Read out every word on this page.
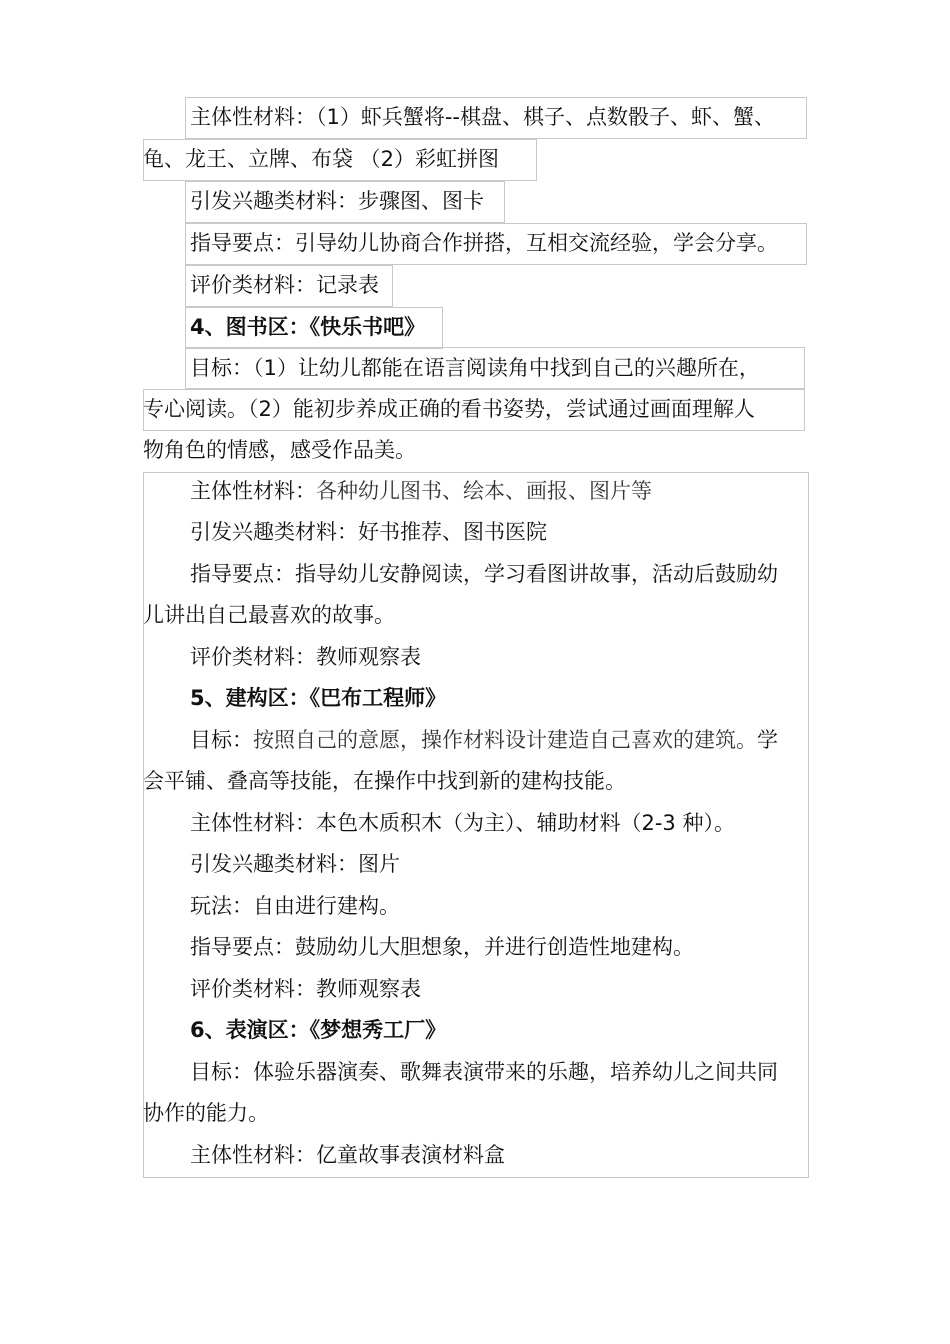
主体性材料：（1）虾兵蟹将--棋盘、棋子、点数骰子、虾、蟹、
龟、龙王、立牌、布袋 （2）彩虹拼图
引发兴趣类材料：步骤图、图卡
指导要点：引导幼儿协商合作拼搭，互相交流经验，学会分享。
评价类材料：记录表
4、图书区：《快乐书吧》
目标：（1）让幼儿都能在语言阅读角中找到自己的兴趣所在，
专心阅读。（2）能初步养成正确的看书姿势，尝试通过画面理解人
物角色的情感，感受作品美。
主体性材料：各种幼儿图书、绘本、画报、图片等
引发兴趣类材料：好书推荐、图书医院
指导要点：指导幼儿安静阅读，学习看图讲故事，活动后鼓励幼
儿讲出自己最喜欢的故事。
评价类材料：教师观察表
5、建构区：《巴布工程师》
目标：按照自己的意愿，操作材料设计建造自己喜欢的建筑。学
会平铺、叠高等技能，在操作中找到新的建构技能。
主体性材料：本色木质积木（为主）、辅助材料（2-3 种）。
引发兴趣类材料：图片
玩法：自由进行建构。
指导要点：鼓励幼儿大胆想象，并进行创造性地建构。
评价类材料：教师观察表
6、表演区：《梦想秀工厂》
目标：体验乐器演奏、歌舞表演带来的乐趣，培养幼儿之间共同
协作的能力。
主体性材料：亿童故事表演材料盒
